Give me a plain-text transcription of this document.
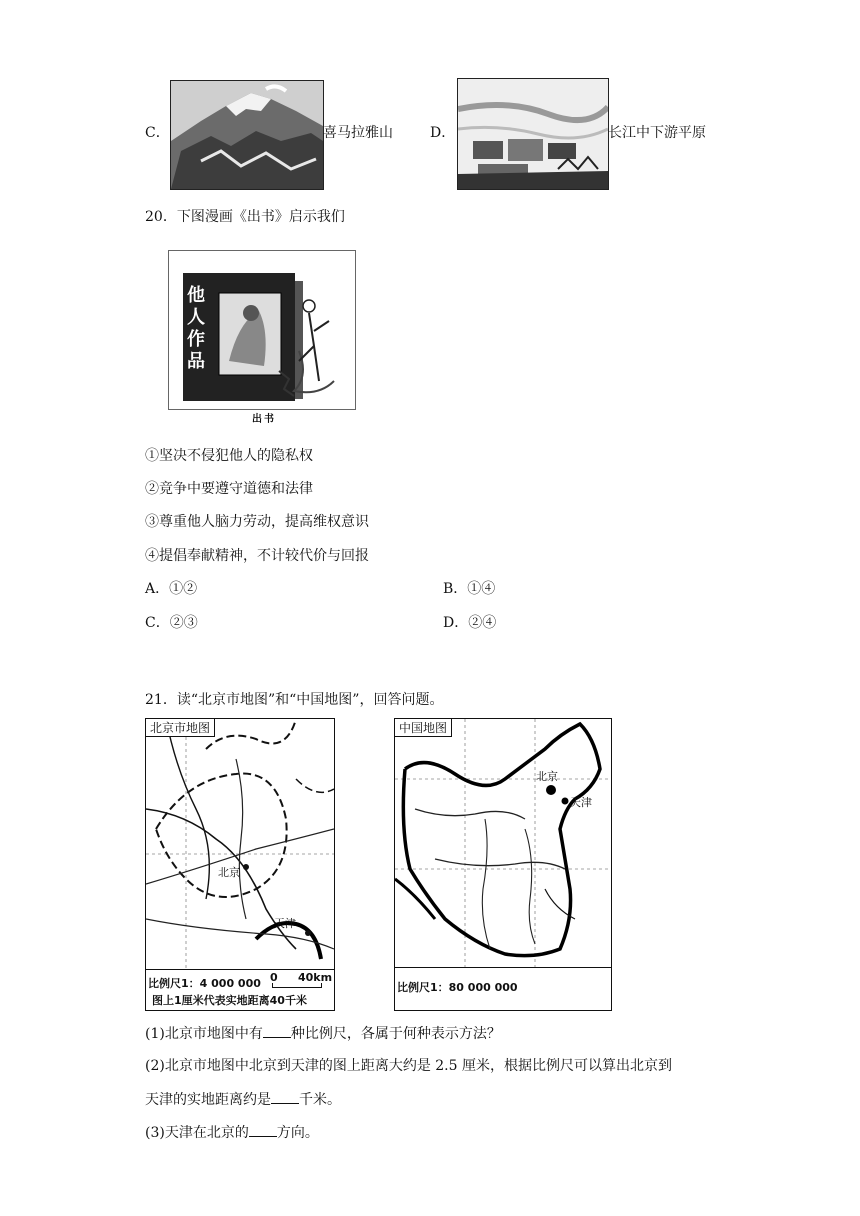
C．	喜马拉雅山	D．	长江中下游平原
20．下图漫画《出书》启示我们
他人作品
出书
①坚决不侵犯他人的隐私权
②竞争中要遵守道德和法律
③尊重他人脑力劳动，提高维权意识
④提倡奉献精神，不计较代价与回报
A．①②	B．①④
C．②③	D．②④
21．读“北京市地图”和“中国地图”，回答问题。
北京
天津
0 40km
比例尺1：4 000 000
图上1厘米代表实地距离40千米
北京市地图
北京
天津
比例尺1：80 000 000
中国地图
(1)北京市地图中有 种比例尺，各属于何种表示方法？
(2)北京市地图中北京到天津的图上距离大约是 2.5 厘米，根据比例尺可以算出北京到
天津的实地距离约是 千米。
(3)天津在北京的 方向。
